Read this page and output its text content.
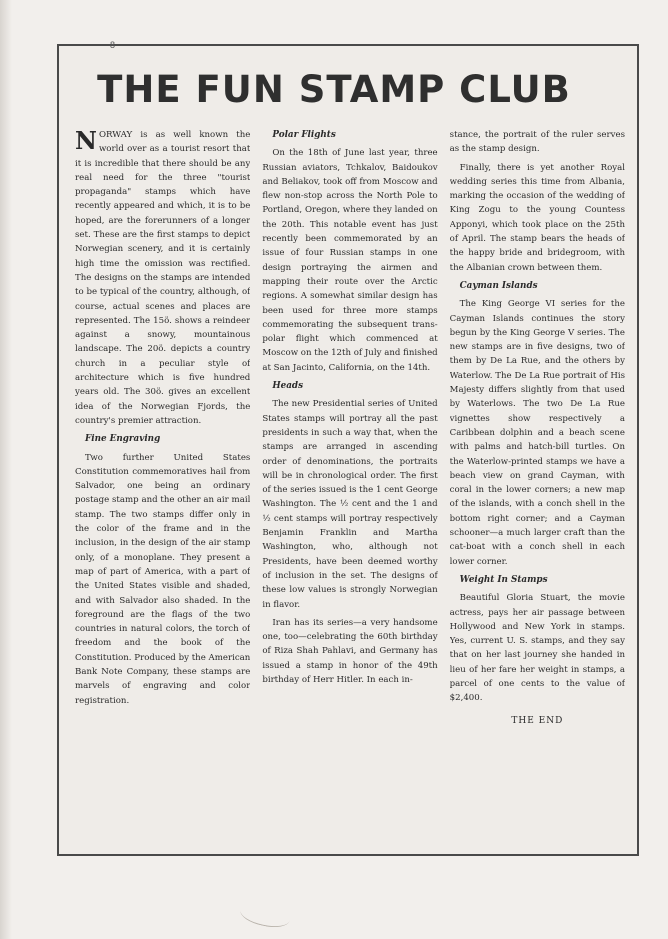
8
THE FUN STAMP CLUB

NORWAY is as well known the world over as a tourist resort that it is incredible that there should be any real need for the three "tourist propaganda" stamps which have recently appeared and which, it is to be hoped, are the forerunners of a longer set. These are the first stamps to depict Norwegian scenery, and it is certainly high time the omission was rectified. The designs on the stamps are intended to be typical of the country, although, of course, actual scenes and places are represented. The 15ö. shows a reindeer against a snowy, mountainous landscape. The 20ö. depicts a country church in a peculiar style of architecture which is five hundred years old. The 30ö. gives an excellent idea of the Norwegian Fjords, the country's premier attraction.

Fine Engraving

Two further United States Constitution commemoratives hail from Salvador, one being an ordinary postage stamp and the other an air mail stamp. The two stamps differ only in the color of the frame and in the inclusion, in the design of the air stamp only, of a monoplane. They present a map of part of America, with a part of the United States visible and shaded, and with Salvador also shaded. In the foreground are the flags of the two countries in natural colors, the torch of freedom and the book of the Constitution. Produced by the American Bank Note Company, these stamps are marvels of engraving and color registration.

Polar Flights

On the 18th of June last year, three Russian aviators, Tchkalov, Baidoukov and Beliakov, took off from Moscow and flew non-stop across the North Pole to Portland, Oregon, where they landed on the 20th. This notable event has just recently been commemorated by an issue of four Russian stamps in one design portraying the airmen and mapping their route over the Arctic regions. A somewhat similar design has been used for three more stamps commemorating the subsequent trans-polar flight which commenced at Moscow on the 12th of July and finished at San Jacinto, California, on the 14th.

Heads

The new Presidential series of United States stamps will portray all the past presidents in such a way that, when the stamps are arranged in ascending order of denominations, the portraits will be in chronological order. The first of the series issued is the 1 cent George Washington. The ½ cent and the 1 and ½ cent stamps will portray respectively Benjamin Franklin and Martha Washington, who, although not Presidents, have been deemed worthy of inclusion in the set. The designs of these low values is strongly Norwegian in flavor.

Iran has its series—a very handsome one, too—celebrating the 60th birthday of Riza Shah Pahlavi, and Germany has issued a stamp in honor of the 49th birthday of Herr Hitler. In each in-

stance, the portrait of the ruler serves as the stamp design.

Finally, there is yet another Royal wedding series this time from Albania, marking the occasion of the wedding of King Zogu to the young Countess Apponyi, which took place on the 25th of April. The stamp bears the heads of the happy bride and bridegroom, with the Albanian crown between them.

Cayman Islands

The King George VI series for the Cayman Islands continues the story begun by the King George V series. The new stamps are in five designs, two of them by De La Rue, and the others by Waterlow. The De La Rue portrait of His Majesty differs slightly from that used by Waterlows. The two De La Rue vignettes show respectively a Caribbean dolphin and a beach scene with palms and hatch-bill turtles. On the Waterlow-printed stamps we have a beach view on grand Cayman, with coral in the lower corners; a new map of the islands, with a conch shell in the bottom right corner; and a Cayman schooner—a much larger craft than the cat-boat with a conch shell in each lower corner.

Weight In Stamps

Beautiful Gloria Stuart, the movie actress, pays her air passage between Hollywood and New York in stamps. Yes, current U. S. stamps, and they say that on her last journey she handed in lieu of her fare her weight in stamps, a parcel of one cents to the value of $2,400.

THE END
